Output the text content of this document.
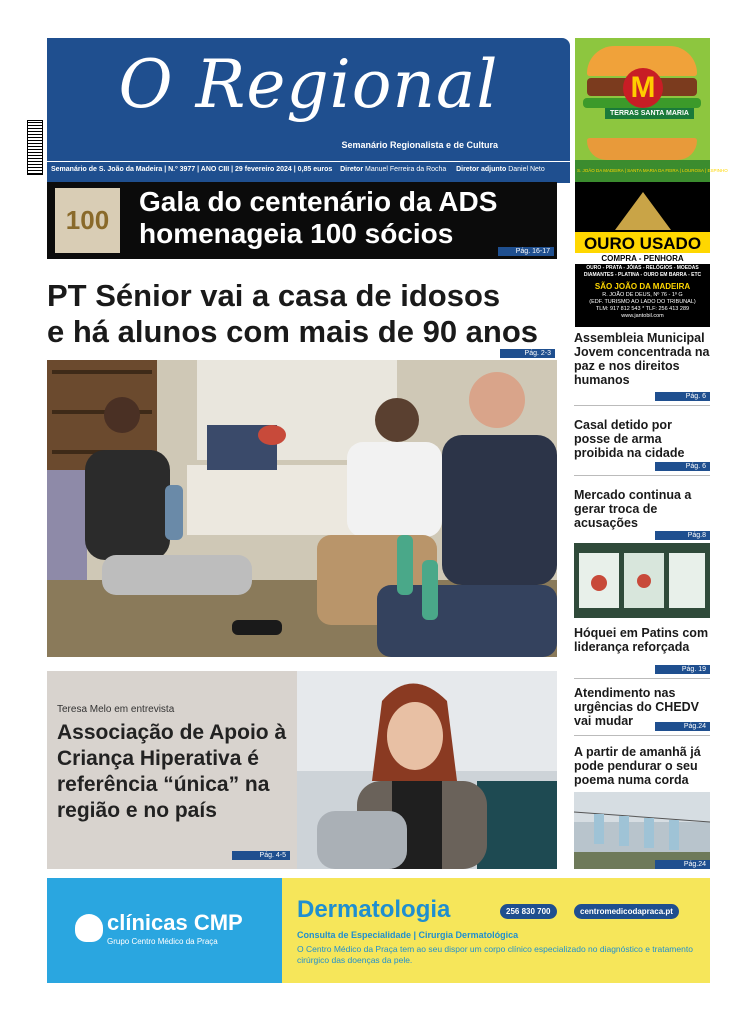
O Regional
Semanário Regionalista e de Cultura
Semanário de S. João da Madeira | N.º 3977 | ANO CIII | 29 fevereiro 2024 | 0,85 euros Diretor Manuel Ferreira da Rocha Diretor adjunto Daniel Neto
M
TERRAS SANTA MARIA
S. JOÃO DA MADEIRA | SANTA MARIA DA FEIRA | LOUROSA | ESPINHO
100
Gala do centenário da ADS homenageia 100 sócios
Pág. 16-17	OURO USADO
COMPRA - PENHORA
OURO - PRATA - JÓIAS - RELÓGIOS - MOEDAS DIAMANTES - PLATINA - OURO EM BARRA - ETC
SÃO JOÃO DA MADEIRA
R. JOÃO DE DEUS, Nº 76 - 1º G
(EDF. TURISMO AO LADO DO TRIBUNAL)
TLM: 917 812 543 * TLF: 256 413 289
www.jantobil.com
PT Sénior vai a casa de idosos
e há alunos com mais de 90 anos
Pág. 2-3
Teresa Melo em entrevista
Associação de Apoio à Criança Hiperativa é referência “única” na região e no país
Pág. 4-5
Assembleia Municipal Jovem concentrada na paz e nos direitos humanos
Pág. 6
Casal detido por posse de arma proibida na cidade
Pág. 6
Mercado continua a gerar troca de acusações
Pág.8
Hóquei em Patins com liderança reforçada
Pág. 19
Atendimento nas urgências do CHEDV vai mudar	Pág.24
A partir de amanhã já pode pendurar o seu poema numa corda
Pág.24
clínicas CMP
Grupo Centro Médico da Praça
Dermatologia	256 830 700	centromedicodapraca.pt
Consulta de Especialidade | Cirurgia Dermatológica
O Centro Médico da Praça tem ao seu dispor um corpo clínico especializado no diagnóstico e tratamento cirúrgico das doenças da pele.
